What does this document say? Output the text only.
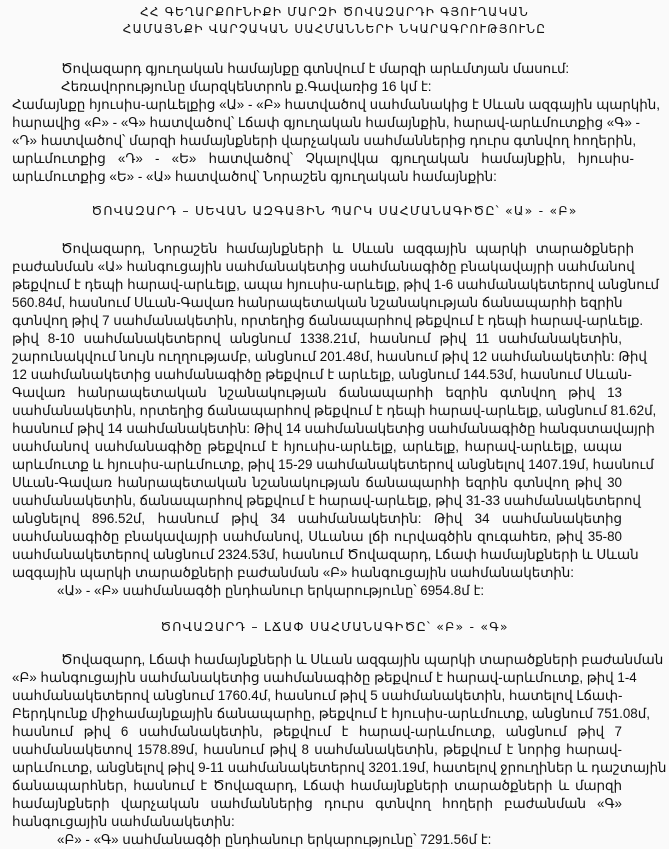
ՀՀ ԳԵՂԱՐՔՈՒՆԻՔԻ ՄԱՐԶԻ ԾՈՎԱԶԱՐԴԻ ԳՅՈՒՂԱԿԱՆ
ՀԱՄԱՅՆՔԻ ՎԱՐՉԱԿԱՆ ՍԱՀՄԱՆՆԵՐԻ ՆԿԱՐԱԳՐՈՒԹՅՈՒՆԸ
Ծովազարդ գյուղական համայնքը գտնվում է մարզի արևմտյան մասում:
Հեռավորությունը մարզկենտրոն ք.Գավառից 16 կմ է:
Համայնքը հյուսիս-արևելքից «Ա» - «Բ» հատվածով սահմանակից է Սևան ազգային պարկին,
հարավից «Բ» - «Գ» հատվածով՝ Լճափ գյուղական համայնքին, հարավ-արևմուտքից «Գ» -
«Դ» հատվածով՝ մարզի համայնքների վարչական սահմաններից դուրս գտնվող հողերին,
արևմուտքից «Դ» - «Ե» հատվածով՝ Չկալովկա գյուղական համայնքին, հյուսիս-
արևմուտքից «Ե» - «Ա» հատվածով՝ Նորաշեն գյուղական համայնքին:
ԾՈՎԱԶԱՐԴ – ՍԵՎԱՆ ԱԶԳԱՅԻՆ ՊԱՐԿ ՍԱՀՄԱՆԱԳԻԾԸ՝ «Ա» - «Բ»
Ծովազարդ, Նորաշեն համայնքների և Սևան ազգային պարկի տարածքների
բաժանման «Ա» հանգուցային սահմանակետից սահմանագիծը բնակավայրի սահմանով
թեքվում է դեպի հարավ-արևելք, ապա հյուսիս-արևելք, թիվ 1-6 սահմանակետերով անցնում
560.84մ, հասնում Սևան-Գավառ հանրապետական նշանակության ճանապարհի եզրին
գտնվող թիվ 7 սահմանակետին, որտեղից ճանապարհով թեքվում է դեպի հարավ-արևելք.
թիվ 8-10 սահմանակետերով անցնում 1338.21մ, հասնում թիվ 11 սահմանակետին,
շարունակվում նույն ուղղությամբ, անցնում 201.48մ, հասնում թիվ 12 սահմանակետին: Թիվ
12 սահմանակետից սահմանագիծը թեքվում է արևելք, անցնում 144.53մ, հասնում Սևան-
Գավառ հանրապետական նշանակության ճանապարհի եզրին գտնվող թիվ 13
սահմանակետին, որտեղից ճանապարհով թեքվում է դեպի հարավ-արևելք, անցնում 81.62մ,
հասնում թիվ 14 սահմանակետին: Թիվ 14 սահմանակետից սահմանագիծը հանգստավայրի
սահմանով սահմանագիծը թեքվում է հյուսիս-արևելք, արևելք, հարավ-արևելք, ապա
արևմուտք և հյուսիս-արևմուտք, թիվ 15-29 սահմանակետերով անցնելով 1407.19մ, հասնում
Սևան-Գավառ հանրապետական նշանակության ճանապարհի եզրին գտնվող թիվ 30
սահմանակետին, ճանապարհով թեքվում է հարավ-արևելք, թիվ 31-33 սահմանակետերով
անցնելով 896.52մ, հասնում թիվ 34 սահմանակետին: Թիվ 34 սահմանակետից
սահմանագիծը բնակավայրի սահմանով, Սևանա լճի ուրվագծին զուգահեռ, թիվ 35-80
սահմանակետերով անցնում 2324.53մ, հասնում Ծովազարդ, Լճափ համայնքների և Սևան
ազգային պարկի տարածքների բաժանման «Բ» հանգուցային սահմանակետին:
«Ա» - «Բ» սահմանագծի ընդհանուր երկարությունը՝ 6954.8մ է:
ԾՈՎԱԶԱՐԴ – ԼՃԱՓ ՍԱՀՄԱՆԱԳԻԾԸ՝ «Բ» - «Գ»
Ծովազարդ, Լճափ համայնքների և Սևան ազգային պարկի տարածքների բաժանման
«Բ» հանգուցային սահմանակետից սահմանագիծը թեքվում է հարավ-արևմուտք, թիվ 1-4
սահմանակետերով անցնում 1760.4մ, հասնում թիվ 5 սահմանակետին, հատելով Լճափ-
Բերդկունք միջհամայնքային ճանապարհը, թեքվում է հյուսիս-արևմուտք, անցնում 751.08մ,
հասնում թիվ 6 սահմանակետին, թեքվում է հարավ-արևմուտք, անցնում թիվ 7
սահմանակետով 1578.89մ, հասնում թիվ 8 սահմանակետին, թեքվում է նորից հարավ-
արևմուտք, անցնելով թիվ 9-11 սահմանակետերով 3201.19մ, հատելով ջրուղիներ և դաշտային
ճանապարհներ, հասնում է Ծովազարդ, Լճափ համայնքների տարածքների և մարզի
համայնքների վարչական սահմաններից դուրս գտնվող հողերի բաժանման «Գ»
հանգուցային սահմանակետին:
«Բ» - «Գ» սահմանագծի ընդհանուր երկարությունը՝ 7291.56մ է:
